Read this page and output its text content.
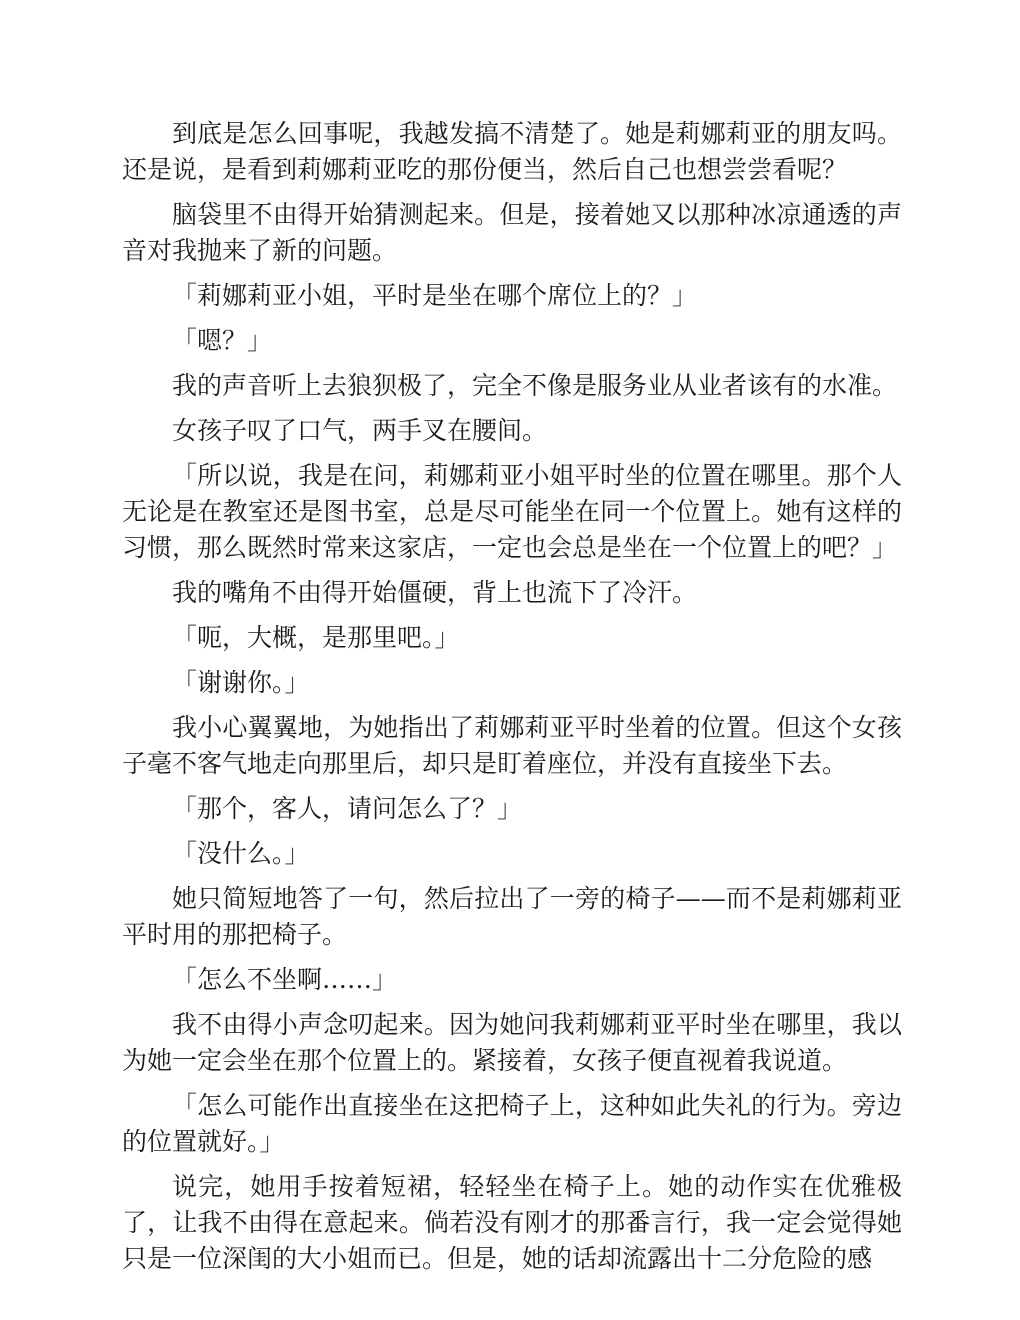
到底是怎么回事呢，我越发搞不清楚了。她是莉娜莉亚的朋友吗。还是说，是看到莉娜莉亚吃的那份便当，然后自己也想尝尝看呢？

脑袋里不由得开始猜测起来。但是，接着她又以那种冰凉通透的声音对我抛来了新的问题。

「莉娜莉亚小姐，平时是坐在哪个席位上的？」

「嗯？」

我的声音听上去狼狈极了，完全不像是服务业从业者该有的水准。

女孩子叹了口气，两手叉在腰间。

「所以说，我是在问，莉娜莉亚小姐平时坐的位置在哪里。那个人无论是在教室还是图书室，总是尽可能坐在同一个位置上。她有这样的习惯，那么既然时常来这家店，一定也会总是坐在一个位置上的吧？」

我的嘴角不由得开始僵硬，背上也流下了冷汗。

「呃，大概，是那里吧。」

「谢谢你。」

我小心翼翼地，为她指出了莉娜莉亚平时坐着的位置。但这个女孩子毫不客气地走向那里后，却只是盯着座位，并没有直接坐下去。

「那个，客人，请问怎么了？」

「没什么。」

她只简短地答了一句，然后拉出了一旁的椅子——而不是莉娜莉亚平时用的那把椅子。

「怎么不坐啊……」

我不由得小声念叨起来。因为她问我莉娜莉亚平时坐在哪里，我以为她一定会坐在那个位置上的。紧接着，女孩子便直视着我说道。

「怎么可能作出直接坐在这把椅子上，这种如此失礼的行为。旁边的位置就好。」

说完，她用手按着短裙，轻轻坐在椅子上。她的动作实在优雅极了，让我不由得在意起来。倘若没有刚才的那番言行，我一定会觉得她只是一位深闺的大小姐而已。但是，她的话却流露出十二分危险的感
